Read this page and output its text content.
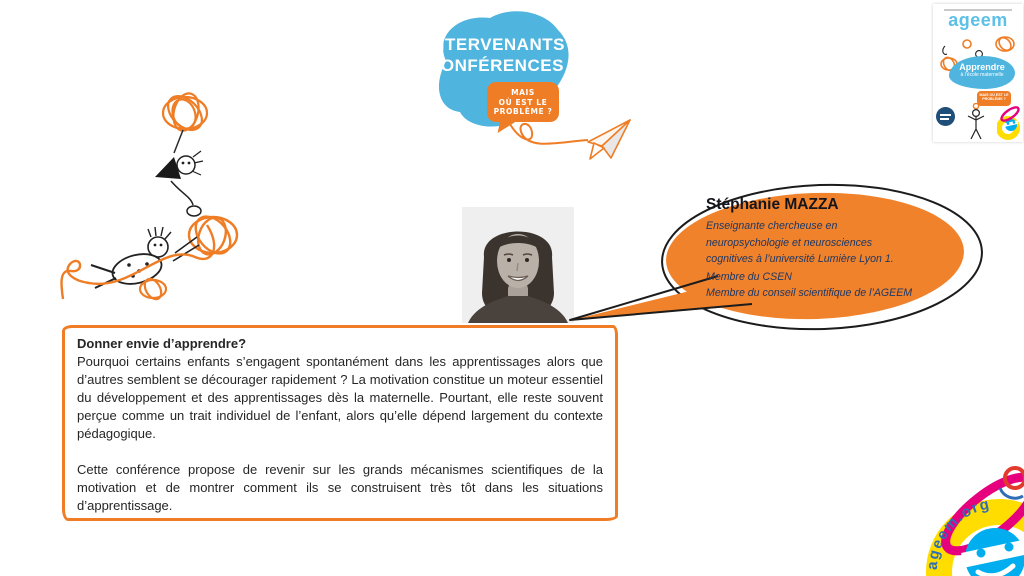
INTERVENANTS
CONFÉRENCES
MAIS
OÙ EST LE
PROBLÈME ?
ageem
Apprendre
à l’école maternelle
MAIS OÙ EST LE PROBLÈME ?
Stéphanie MAZZA
Enseignante chercheuse en
neuropsychologie et neurosciences
cognitives à l’université Lumière Lyon 1.
Membre du CSEN
Membre du conseil scientifique de l’AGEEM
Donner envie d’apprendre?

Pourquoi certains enfants s’engagent spontanément dans les apprentissages alors que d’autres semblent se décourager rapidement ? La motivation constitue un moteur essentiel du développement et des apprentissages dès la maternelle. Pourtant, elle reste souvent perçue comme un trait individuel de l’enfant, alors qu’elle dépend largement du contexte pédagogique.

Cette conférence propose de revenir sur les grands mécanismes scientifiques de la motivation et de montrer comment ils se construisent très tôt dans les situations d’apprentissage.

ageem.org
